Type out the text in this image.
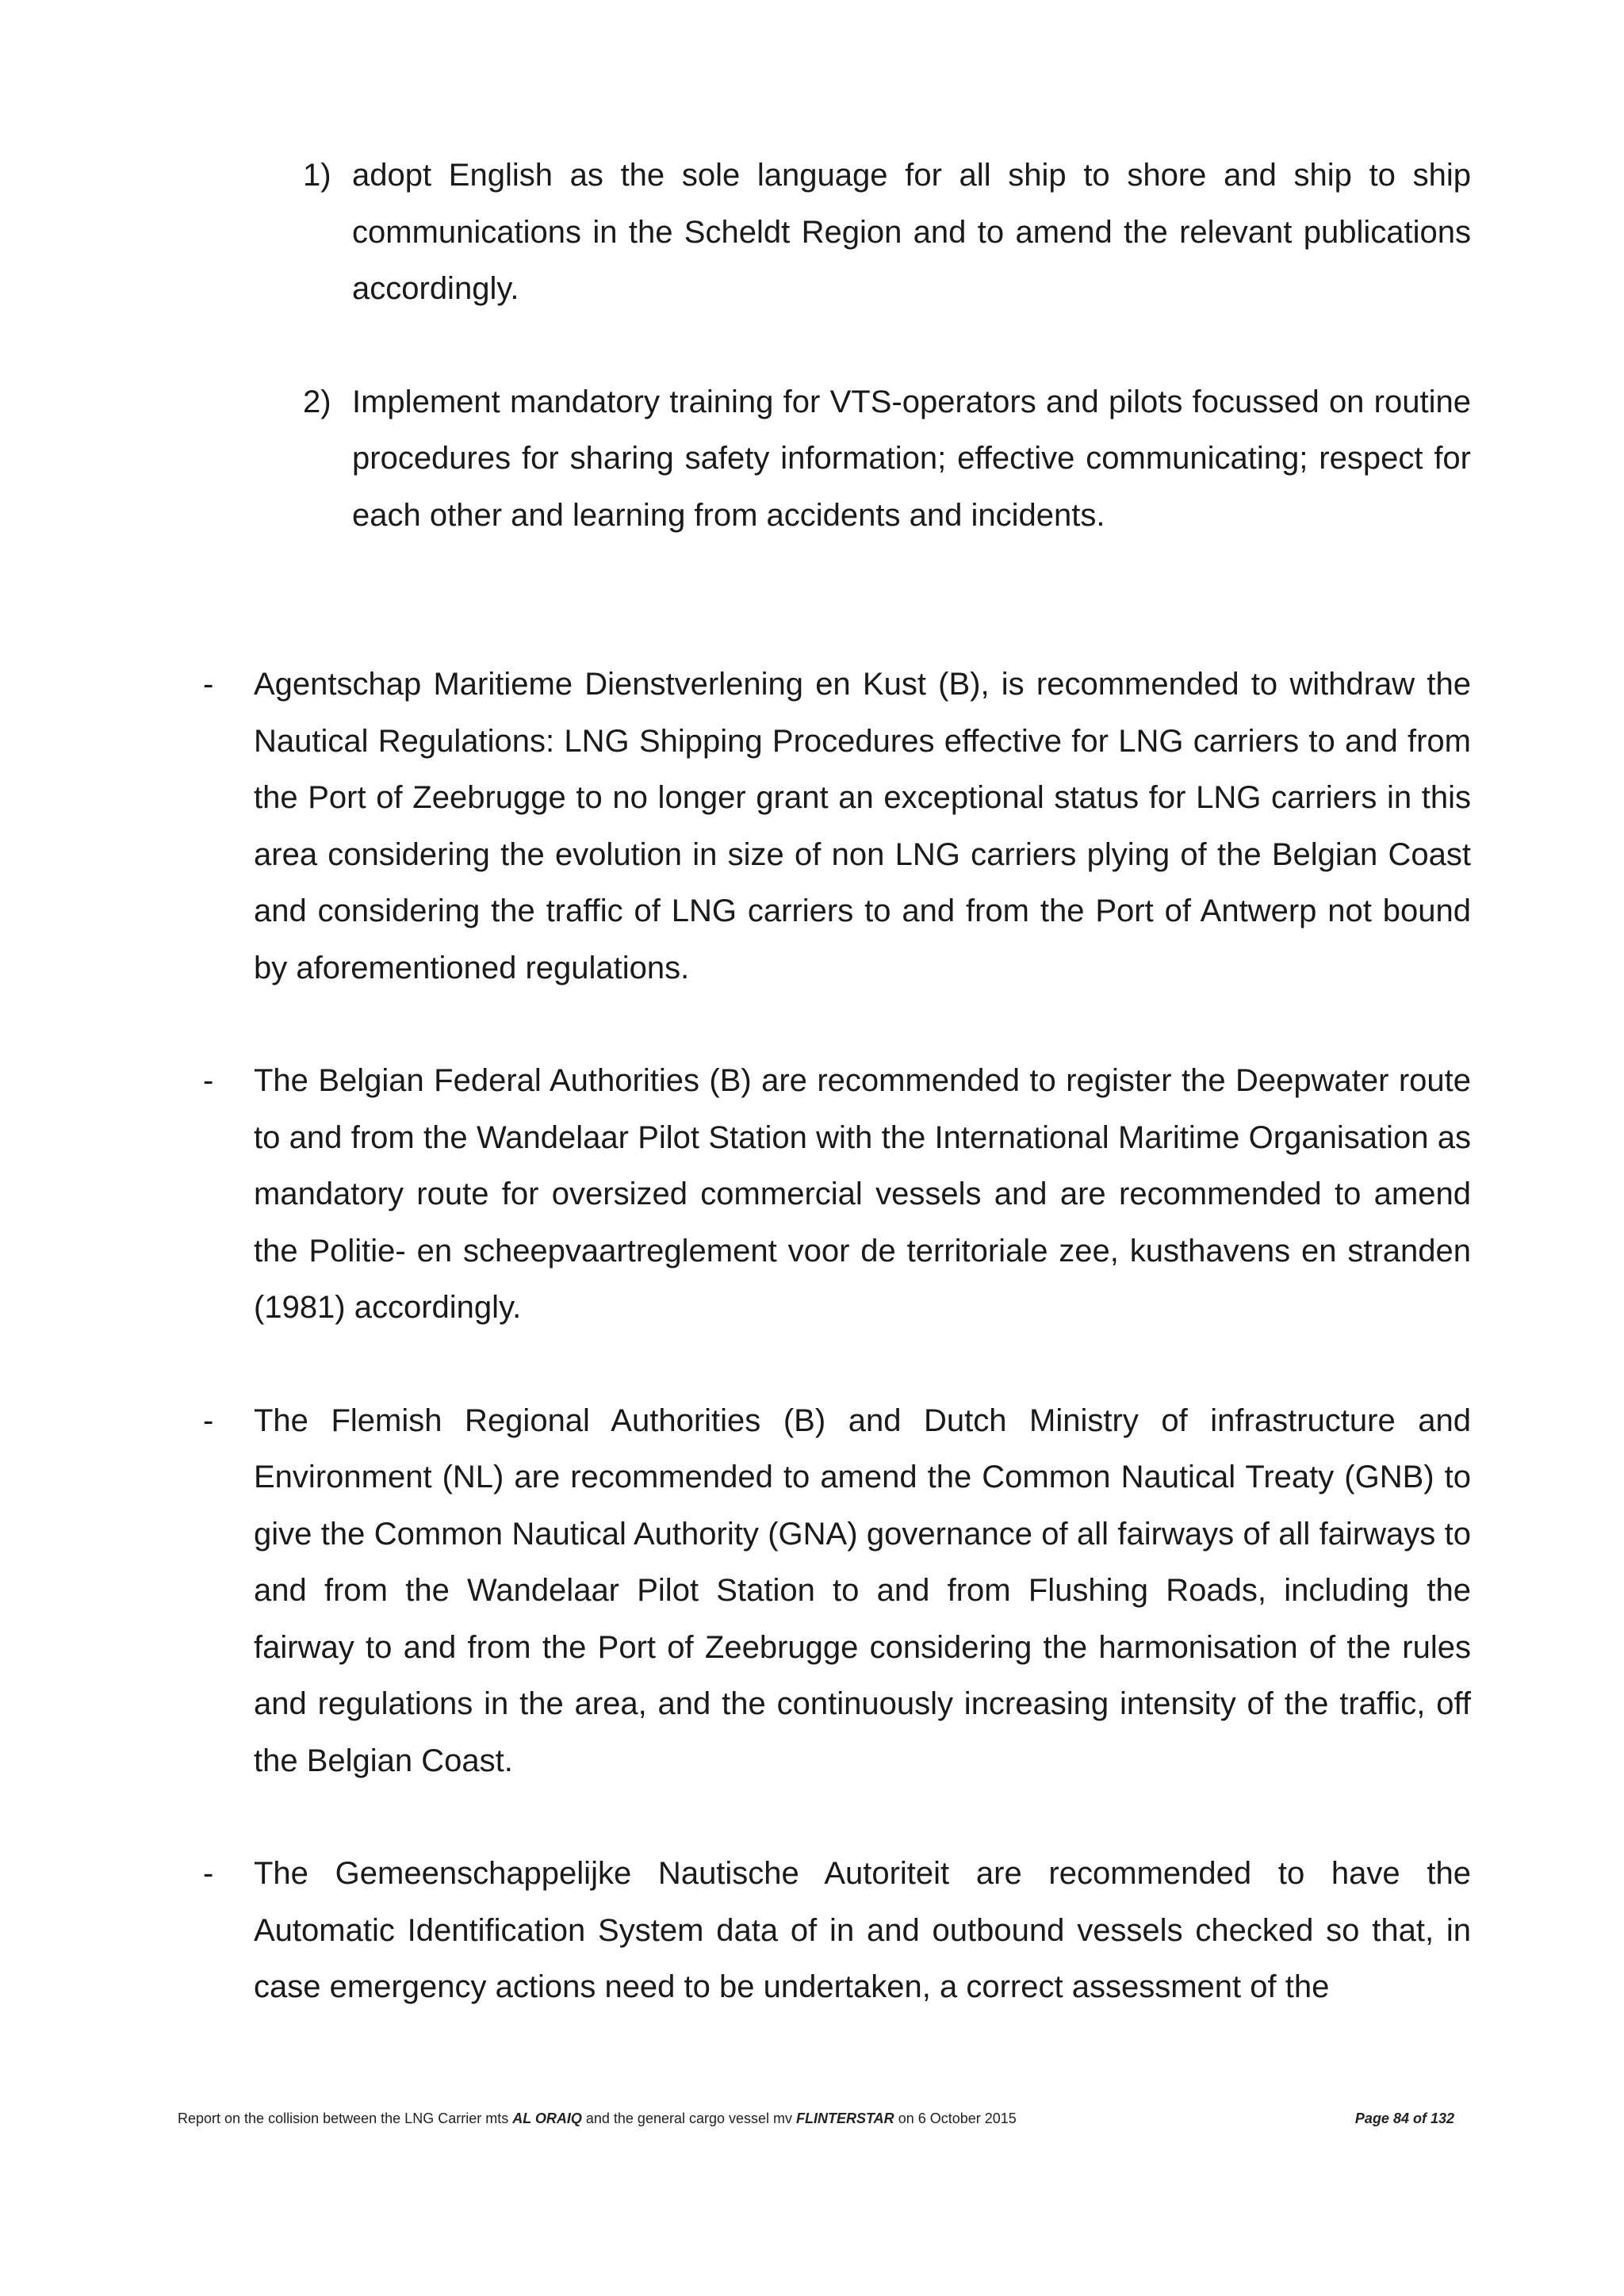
1) adopt English as the sole language for all ship to shore and ship to ship communications in the Scheldt Region and to amend the relevant publications accordingly.
2) Implement mandatory training for VTS-operators and pilots focussed on routine procedures for sharing safety information; effective communicating; respect for each other and learning from accidents and incidents.
- Agentschap Maritieme Dienstverlening en Kust (B), is recommended to withdraw the Nautical Regulations: LNG Shipping Procedures effective for LNG carriers to and from the Port of Zeebrugge to no longer grant an exceptional status for LNG carriers in this area considering the evolution in size of non LNG carriers plying of the Belgian Coast and considering the traffic of LNG carriers to and from the Port of Antwerp not bound by aforementioned regulations.
- The Belgian Federal Authorities (B) are recommended to register the Deepwater route to and from the Wandelaar Pilot Station with the International Maritime Organisation as mandatory route for oversized commercial vessels and are recommended to amend the Politie- en scheepvaartreglement voor de territoriale zee, kusthavens en stranden (1981) accordingly.
- The Flemish Regional Authorities (B) and Dutch Ministry of infrastructure and Environment (NL) are recommended to amend the Common Nautical Treaty (GNB) to give the Common Nautical Authority (GNA) governance of all fairways of all fairways to and from the Wandelaar Pilot Station to and from Flushing Roads, including the fairway to and from the Port of Zeebrugge considering the harmonisation of the rules and regulations in the area, and the continuously increasing intensity of the traffic, off the Belgian Coast.
- The Gemeenschappelijke Nautische Autoriteit are recommended to have the Automatic Identification System data of in and outbound vessels checked so that, in case emergency actions need to be undertaken, a correct assessment of the
Report on the collision between the LNG Carrier mts AL ORAIQ and the general cargo vessel mv FLINTERSTAR on 6 October 2015	Page 84 of 132
